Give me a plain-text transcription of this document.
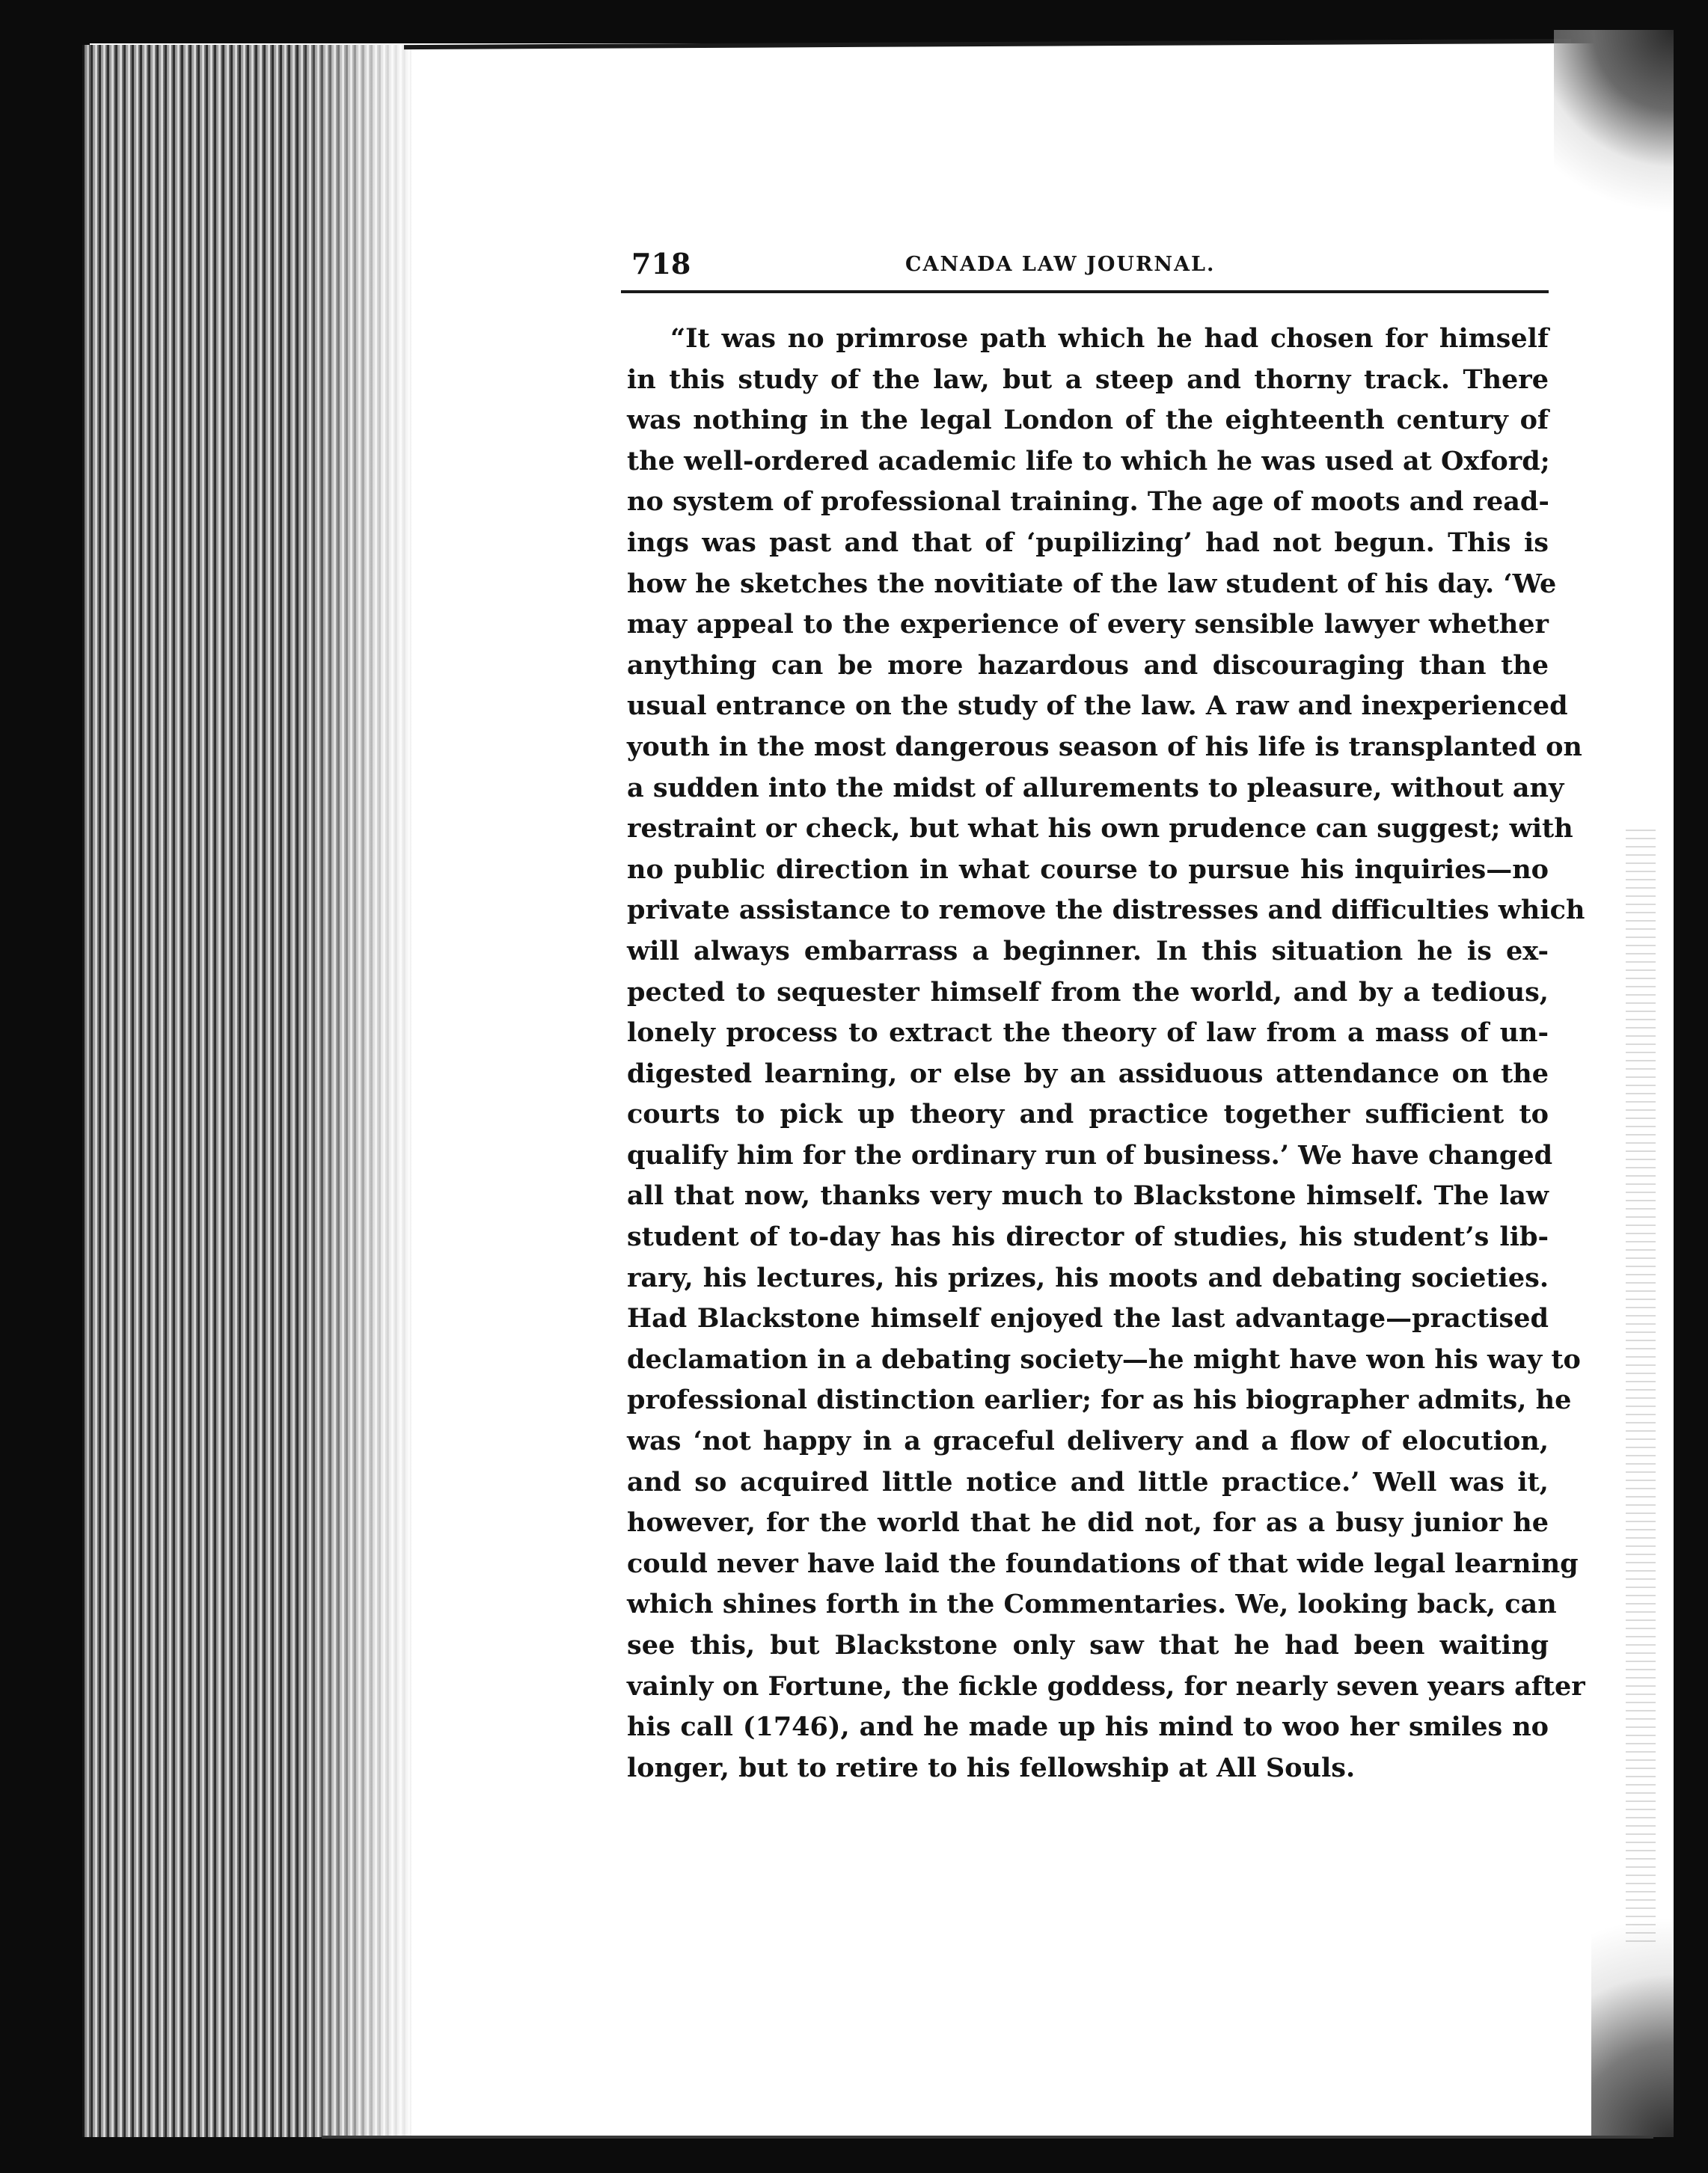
718	CANADA LAW JOURNAL.

“It was no primrose path which he had chosen for himself
in this study of the law, but a steep and thorny track. There
was nothing in the legal London of the eighteenth century of
the well-ordered academic life to which he was used at Oxford;
no system of professional training. The age of moots and read-
ings was past and that of ‘pupilizing’ had not begun. This is
how he sketches the novitiate of the law student of his day. ‘We
may appeal to the experience of every sensible lawyer whether
anything can be more hazardous and discouraging than the
usual entrance on the study of the law. A raw and inexperienced
youth in the most dangerous season of his life is transplanted on
a sudden into the midst of allurements to pleasure, without any
restraint or check, but what his own prudence can suggest; with
no public direction in what course to pursue his inquiries—no
private assistance to remove the distresses and difficulties which
will always embarrass a beginner. In this situation he is ex-
pected to sequester himself from the world, and by a tedious,
lonely process to extract the theory of law from a mass of un-
digested learning, or else by an assiduous attendance on the
courts to pick up theory and practice together sufficient to
qualify him for the ordinary run of business.’ We have changed
all that now, thanks very much to Blackstone himself. The law
student of to-day has his director of studies, his student’s lib-
rary, his lectures, his prizes, his moots and debating societies.
Had Blackstone himself enjoyed the last advantage—practised
declamation in a debating society—he might have won his way to
professional distinction earlier; for as his biographer admits, he
was ‘not happy in a graceful delivery and a flow of elocution,
and so acquired little notice and little practice.’ Well was it,
however, for the world that he did not, for as a busy junior he
could never have laid the foundations of that wide legal learning
which shines forth in the Commentaries. We, looking back, can
see this, but Blackstone only saw that he had been waiting
vainly on Fortune, the fickle goddess, for nearly seven years after
his call (1746), and he made up his mind to woo her smiles no
longer, but to retire to his fellowship at All Souls.
